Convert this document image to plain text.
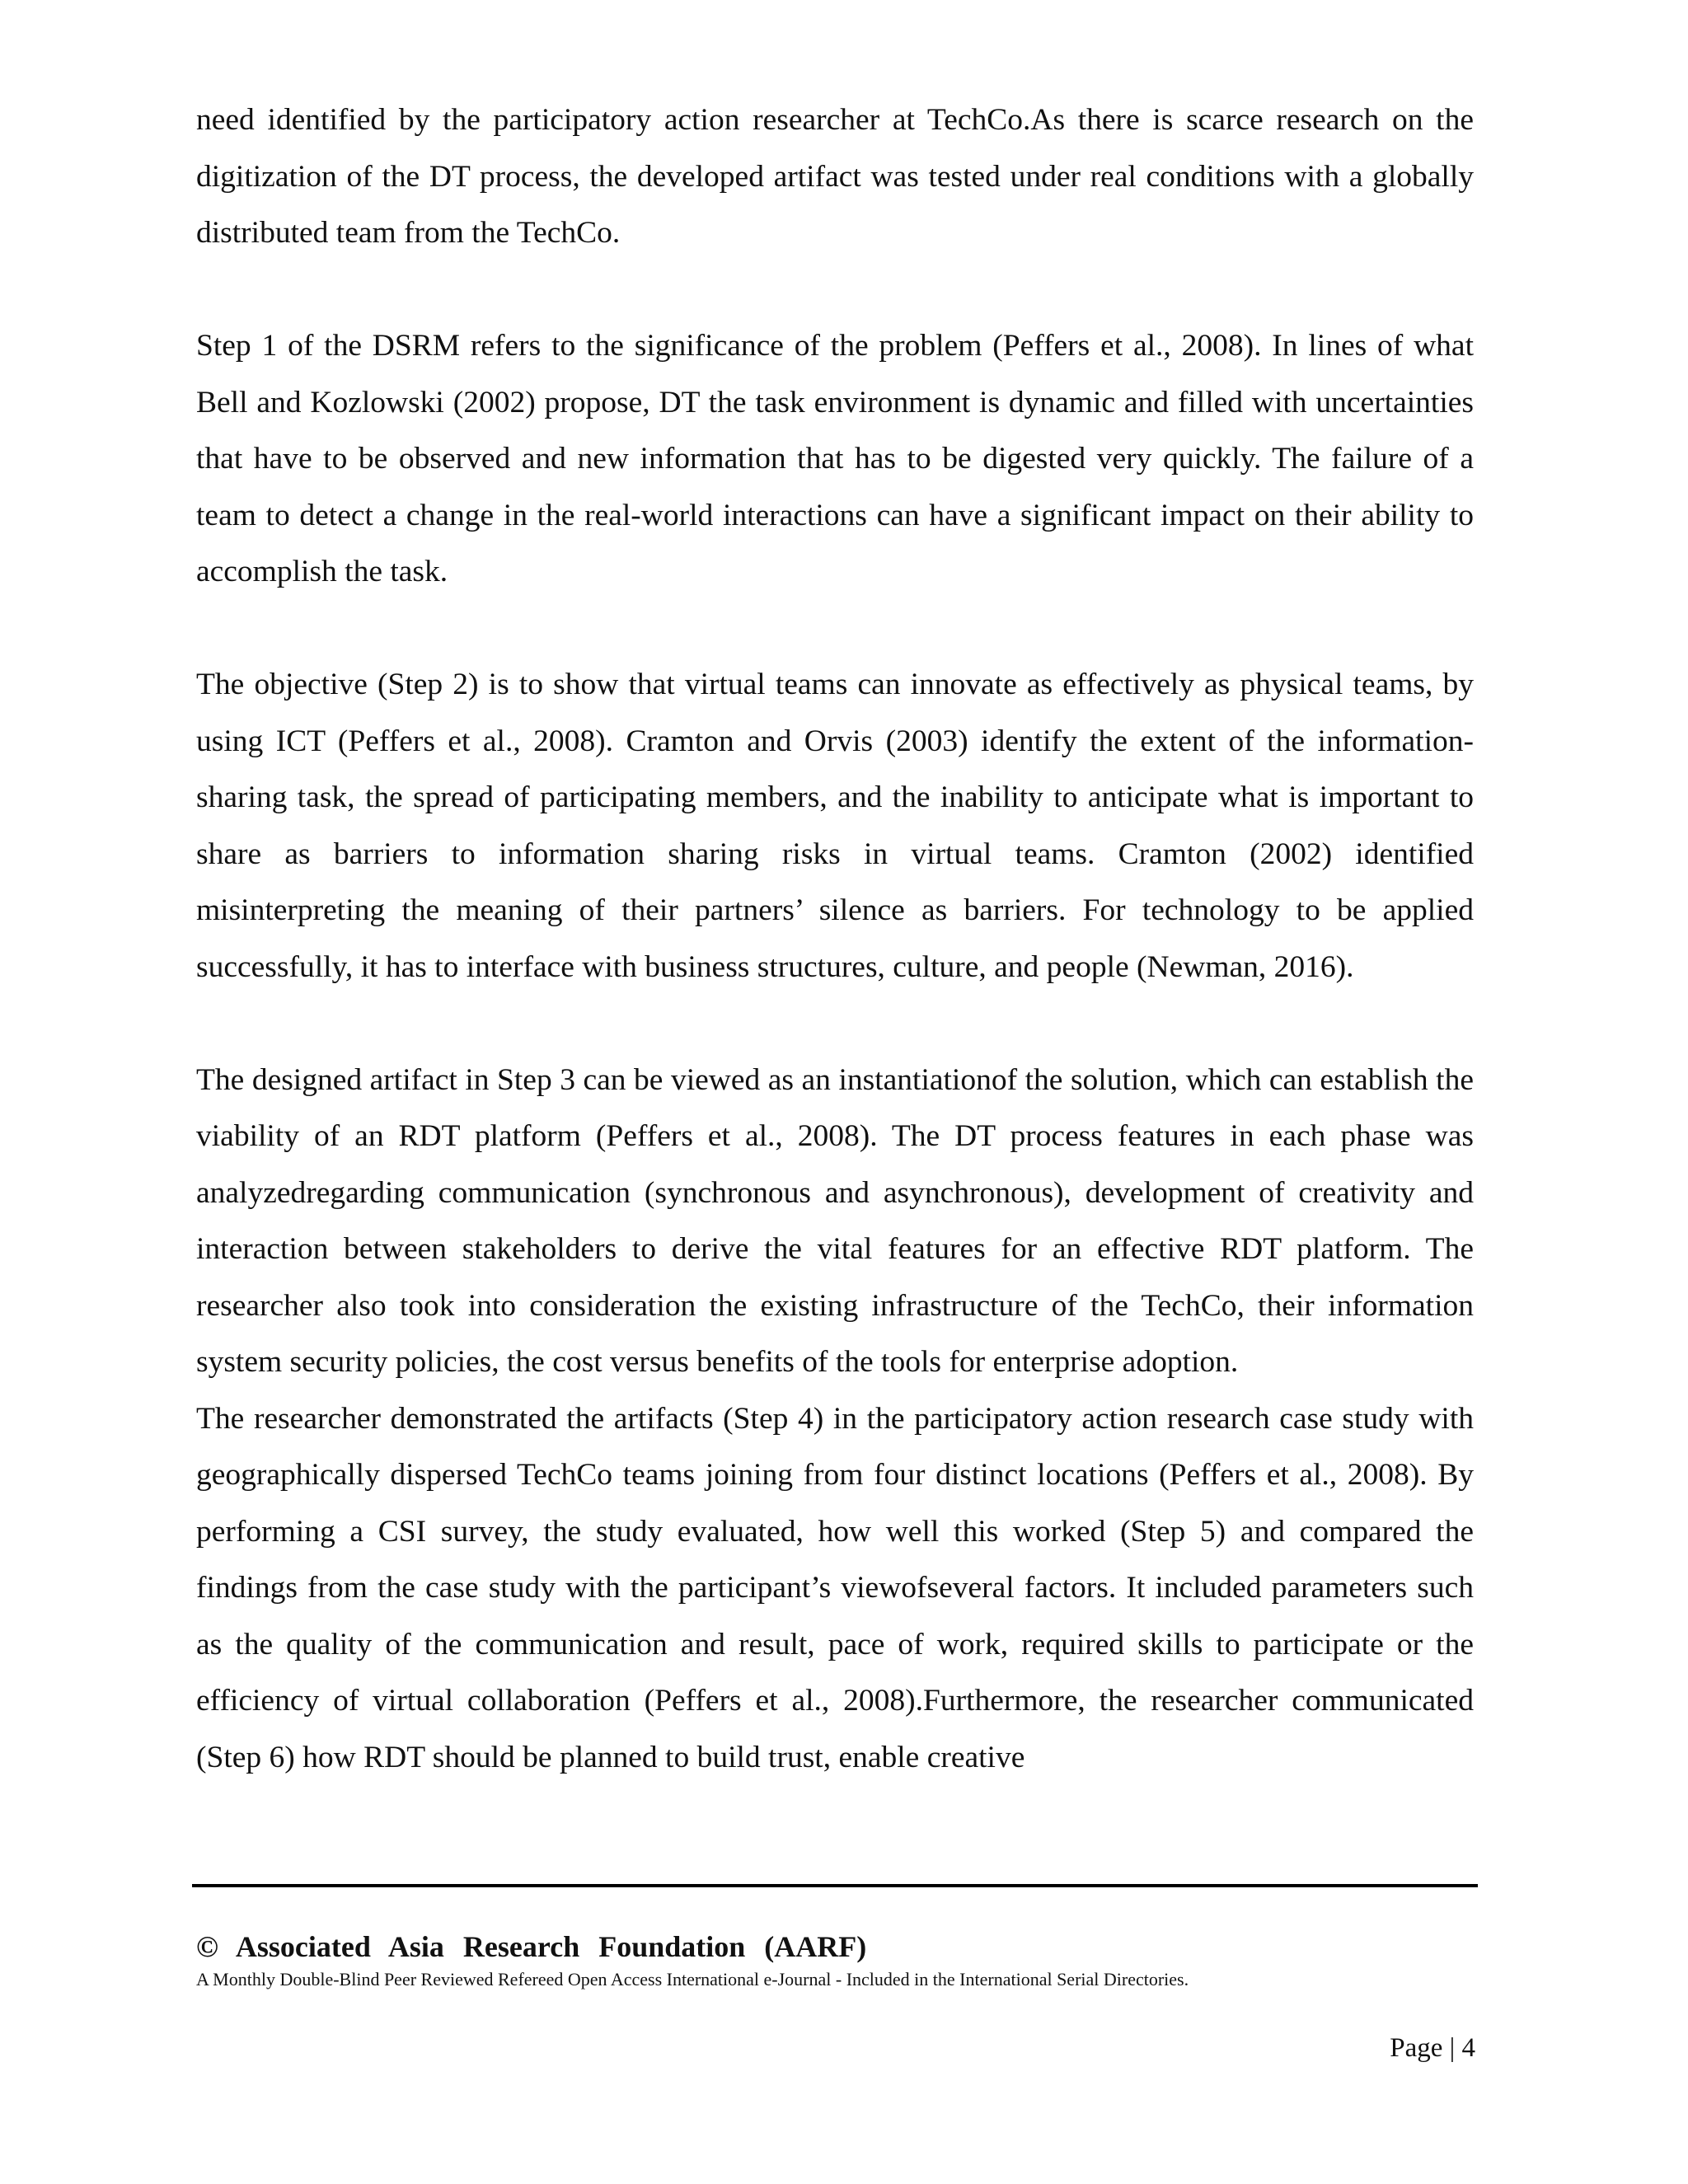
need identified by the participatory action researcher at TechCo.As there is scarce research on the digitization of the DT process, the developed artifact was tested under real conditions with a globally distributed team from the TechCo.

Step 1 of the DSRM refers to the significance of the problem (Peffers et al., 2008). In lines of what Bell and Kozlowski (2002) propose, DT the task environment is dynamic and filled with uncertainties that have to be observed and new information that has to be digested very quickly. The failure of a team to detect a change in the real-world interactions can have a significant impact on their ability to accomplish the task.

The objective (Step 2) is to show that virtual teams can innovate as effectively as physical teams, by using ICT (Peffers et al., 2008). Cramton and Orvis (2003) identify the extent of the information-sharing task, the spread of participating members, and the inability to anticipate what is important to share as barriers to information sharing risks in virtual teams. Cramton (2002) identified misinterpreting the meaning of their partners’ silence as barriers. For technology to be applied successfully, it has to interface with business structures, culture, and people (Newman, 2016).

The designed artifact in Step 3 can be viewed as an instantiationof the solution, which can establish the viability of an RDT platform (Peffers et al., 2008). The DT process features in each phase was analyzedregarding communication (synchronous and asynchronous), development of creativity and interaction between stakeholders to derive the vital features for an effective RDT platform. The researcher also took into consideration the existing infrastructure of the TechCo, their information system security policies, the cost versus benefits of the tools for enterprise adoption.

The researcher demonstrated the artifacts (Step 4) in the participatory action research case study with geographically dispersed TechCo teams joining from four distinct locations (Peffers et al., 2008). By performing a CSI survey, the study evaluated, how well this worked (Step 5) and compared the findings from the case study with the participant’s viewofseveral factors. It included parameters such as the quality of the communication and result, pace of work, required skills to participate or the efficiency of virtual collaboration (Peffers et al., 2008).Furthermore, the researcher communicated (Step 6) how RDT should be planned to build trust, enable creative

© Associated Asia Research Foundation (AARF)
A Monthly Double-Blind Peer Reviewed Refereed Open Access International e-Journal - Included in the International Serial Directories.
Page | 4
